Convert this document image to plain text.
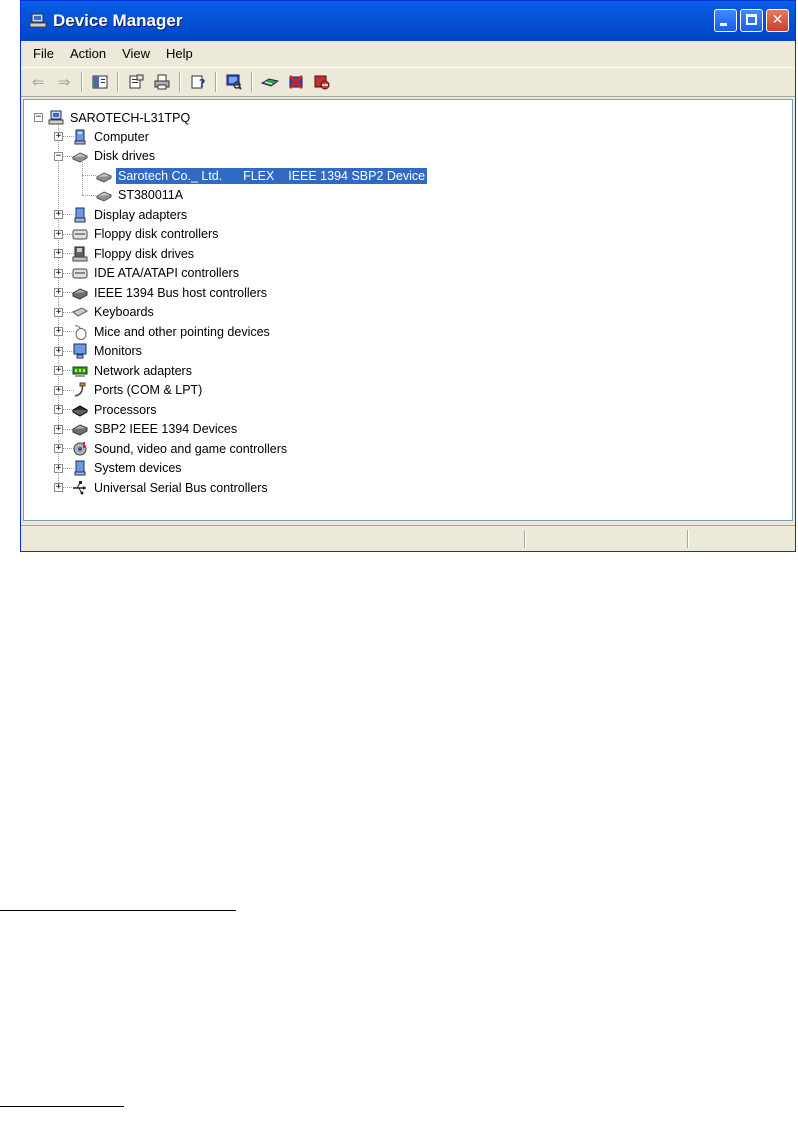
Device Manager	✕
File	Action	View	Help
⇐ ⇒	?
− SAROTECH-L31TPQ
+	Computer
−	Disk drives
Sarotech Co._ Ltd.      FLEX    IEEE 1394 SBP2 Device
ST380011A
+	Display adapters
+	Floppy disk controllers
+	Floppy disk drives
+	IDE ATA/ATAPI controllers
+	IEEE 1394 Bus host controllers
+	Keyboards
+	Mice and other pointing devices
+	Monitors
+	Network adapters
+	Ports (COM & LPT)
+	Processors
+	SBP2 IEEE 1394 Devices
+	Sound, video and game controllers
+	System devices
+	Universal Serial Bus controllers
